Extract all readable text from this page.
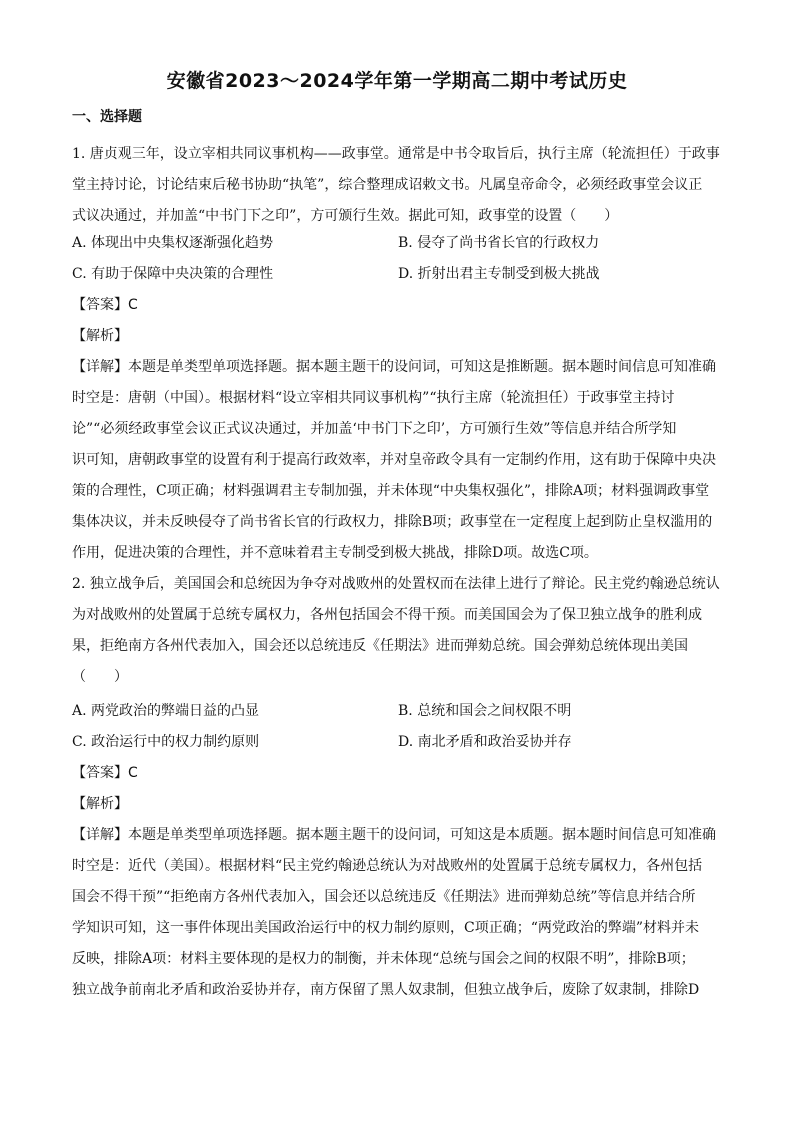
安徽省2023～2024学年第一学期高二期中考试历史
一、选择题
1. 唐贞观三年，设立宰相共同议事机构——政事堂。通常是中书令取旨后，执行主席（轮流担任）于政事
堂主持讨论，讨论结束后秘书协助“执笔”，综合整理成诏敕文书。凡属皇帝命令，必须经政事堂会议正
式议决通过，并加盖“中书门下之印”，方可颁行生效。据此可知，政事堂的设置（　　）
A. 体现出中央集权逐渐强化趋势	B. 侵夺了尚书省长官的行政权力
C. 有助于保障中央决策的合理性	D. 折射出君主专制受到极大挑战
【答案】C
【解析】
【详解】本题是单类型单项选择题。据本题主题干的设问词，可知这是推断题。据本题时间信息可知准确
时空是：唐朝（中国）。根据材料“设立宰相共同议事机构”“执行主席（轮流担任）于政事堂主持讨
论”“必须经政事堂会议正式议决通过，并加盖‘中书门下之印’，方可颁行生效”等信息并结合所学知
识可知，唐朝政事堂的设置有利于提高行政效率，并对皇帝政令具有一定制约作用，这有助于保障中央决
策的合理性，C项正确；材料强调君主专制加强，并未体现“中央集权强化”，排除A项；材料强调政事堂
集体决议，并未反映侵夺了尚书省长官的行政权力，排除B项；政事堂在一定程度上起到防止皇权滥用的
作用，促进决策的合理性，并不意味着君主专制受到极大挑战，排除D项。故选C项。
2. 独立战争后，美国国会和总统因为争夺对战败州的处置权而在法律上进行了辩论。民主党约翰逊总统认
为对战败州的处置属于总统专属权力，各州包括国会不得干预。而美国国会为了保卫独立战争的胜利成
果，拒绝南方各州代表加入，国会还以总统违反《任期法》进而弹劾总统。国会弹劾总统体现出美国
（　　）
A. 两党政治的弊端日益的凸显	B. 总统和国会之间权限不明
C. 政治运行中的权力制约原则	D. 南北矛盾和政治妥协并存
【答案】C
【解析】
【详解】本题是单类型单项选择题。据本题主题干的设问词，可知这是本质题。据本题时间信息可知准确
时空是：近代（美国）。根据材料“民主党约翰逊总统认为对战败州的处置属于总统专属权力，各州包括
国会不得干预”“拒绝南方各州代表加入，国会还以总统违反《任期法》进而弹劾总统”等信息并结合所
学知识可知，这一事件体现出美国政治运行中的权力制约原则，C项正确；“两党政治的弊端”材料并未
反映，排除A项：材料主要体现的是权力的制衡，并未体现“总统与国会之间的权限不明”，排除B项；
独立战争前南北矛盾和政治妥协并存，南方保留了黑人奴隶制，但独立战争后，废除了奴隶制，排除D
